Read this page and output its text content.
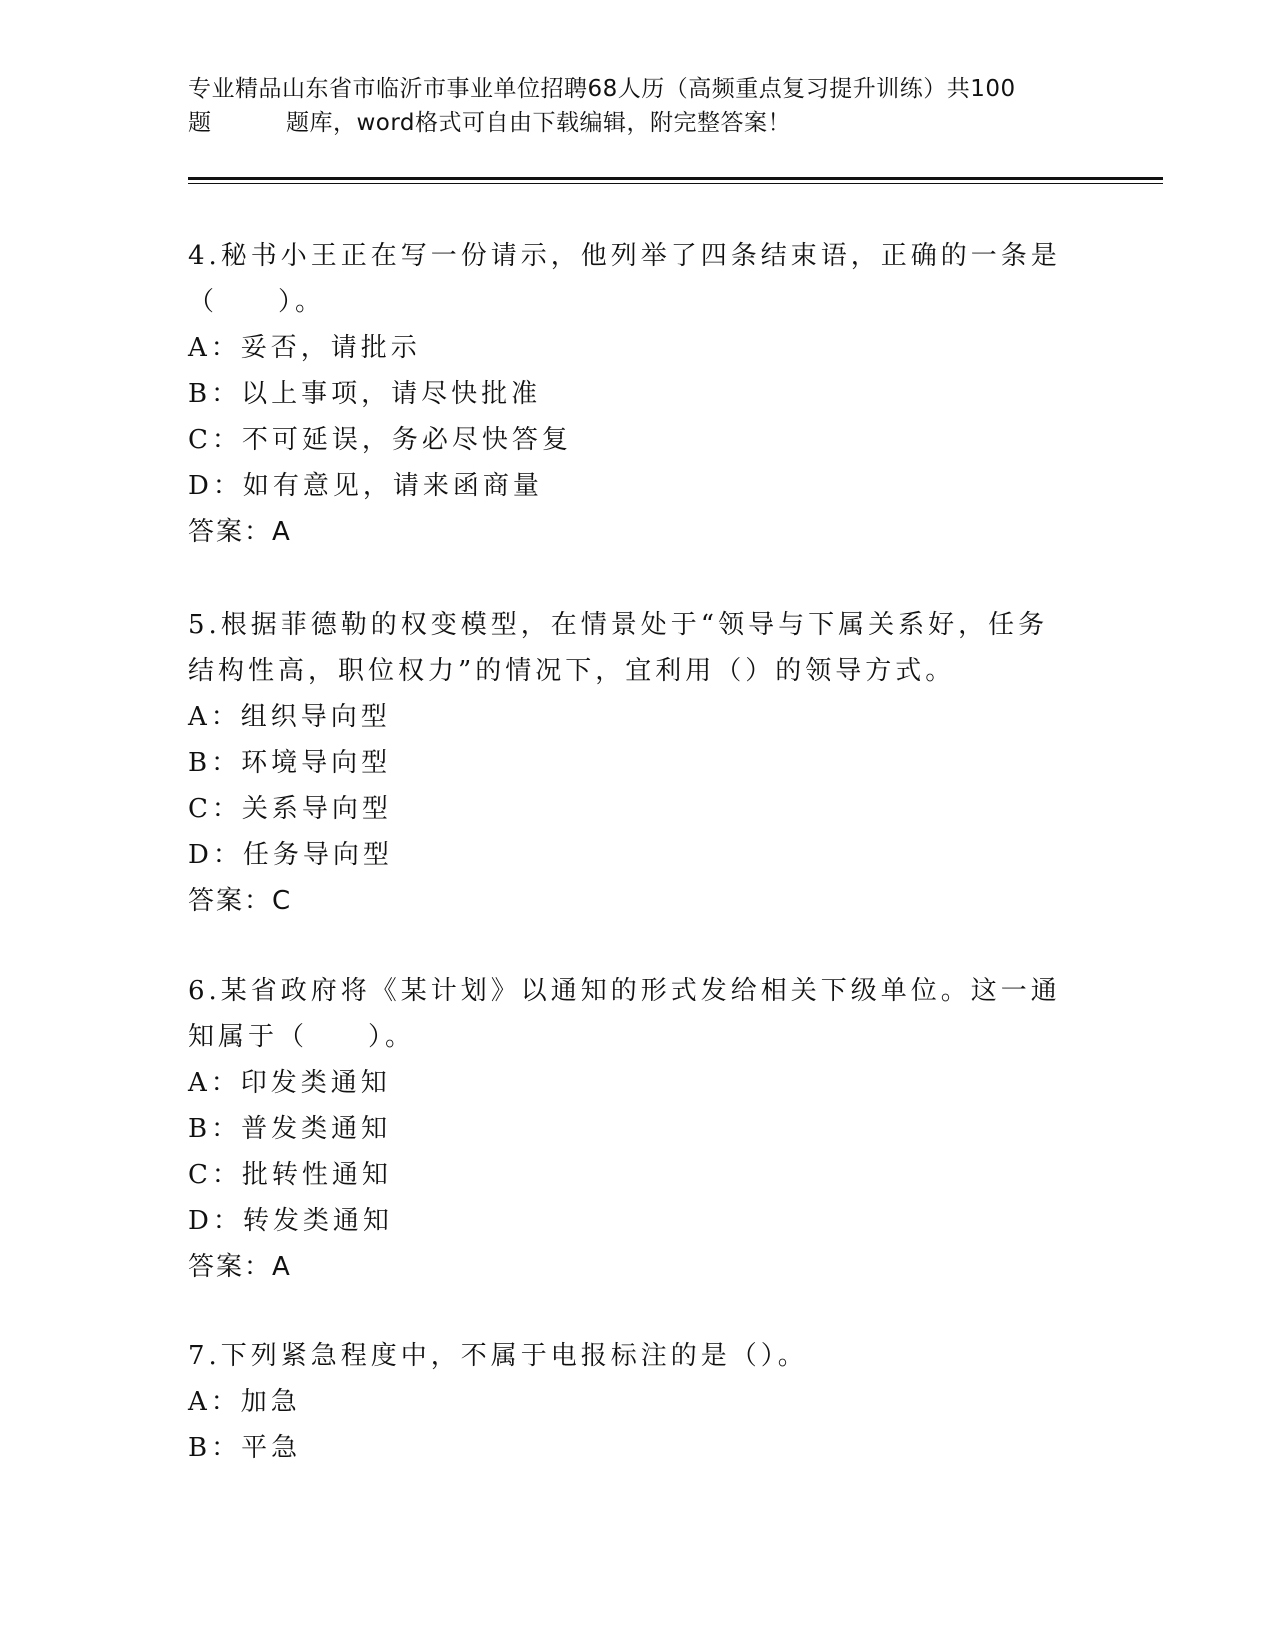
专业精品山东省市临沂市事业单位招聘68人历（高频重点复习提升训练）共100
题	题库，word格式可自由下载编辑，附完整答案！
4.秘书小王正在写一份请示，他列举了四条结束语，正确的一条是（　　）。
A：妥否，请批示
B：以上事项，请尽快批准
C：不可延误，务必尽快答复
D：如有意见，请来函商量
答案：A
5.根据菲德勒的权变模型，在情景处于“领导与下属关系好，任务结构性高，职位权力”的情况下，宜利用（）的领导方式。
A：组织导向型
B：环境导向型
C：关系导向型
D：任务导向型
答案：C
6.某省政府将《某计划》以通知的形式发给相关下级单位。这一通知属于（　　）。
A：印发类通知
B：普发类通知
C：批转性通知
D：转发类通知
答案：A
7.下列紧急程度中，不属于电报标注的是（）。
A：加急
B：平急
